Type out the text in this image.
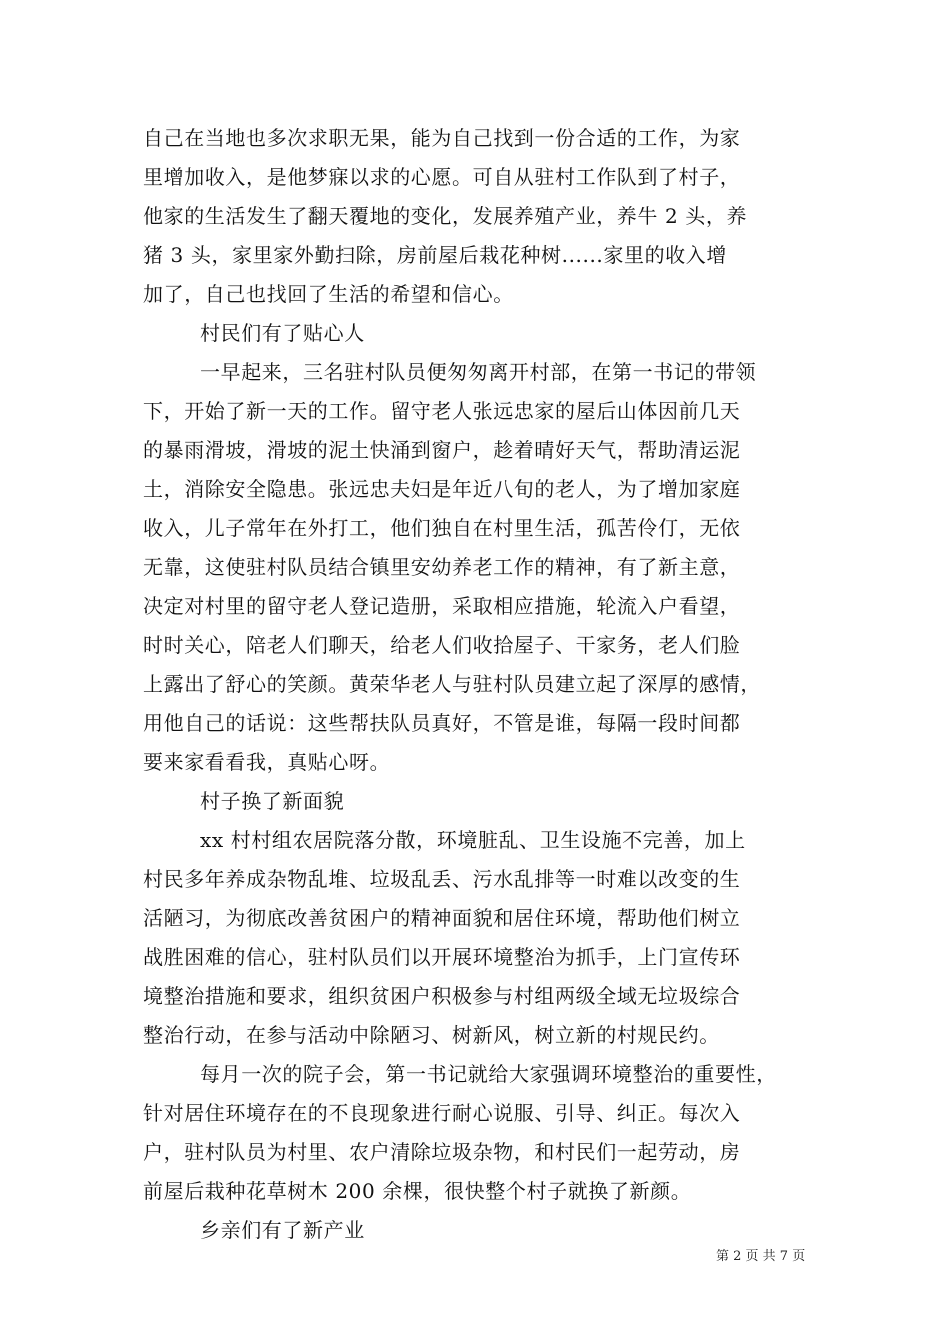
自己在当地也多次求职无果，能为自己找到一份合适的工作，为家
里增加收入，是他梦寐以求的心愿。可自从驻村工作队到了村子，
他家的生活发生了翻天覆地的变化，发展养殖产业，养牛 2 头，养
猪 3 头，家里家外勤扫除，房前屋后栽花种树......家里的收入增
加了，自己也找回了生活的希望和信心。
村民们有了贴心人
一早起来，三名驻村队员便匆匆离开村部，在第一书记的带领
下，开始了新一天的工作。留守老人张远忠家的屋后山体因前几天
的暴雨滑坡，滑坡的泥土快涌到窗户，趁着晴好天气，帮助清运泥
土，消除安全隐患。张远忠夫妇是年近八旬的老人，为了增加家庭
收入，儿子常年在外打工，他们独自在村里生活，孤苦伶仃，无依
无靠，这使驻村队员结合镇里安幼养老工作的精神，有了新主意，
决定对村里的留守老人登记造册，采取相应措施，轮流入户看望，
时时关心，陪老人们聊天，给老人们收拾屋子、干家务，老人们脸
上露出了舒心的笑颜。黄荣华老人与驻村队员建立起了深厚的感情，
用他自己的话说：这些帮扶队员真好，不管是谁，每隔一段时间都
要来家看看我，真贴心呀。
村子换了新面貌
xx 村村组农居院落分散，环境脏乱、卫生设施不完善，加上
村民多年养成杂物乱堆、垃圾乱丢、污水乱排等一时难以改变的生
活陋习，为彻底改善贫困户的精神面貌和居住环境，帮助他们树立
战胜困难的信心，驻村队员们以开展环境整治为抓手，上门宣传环
境整治措施和要求，组织贫困户积极参与村组两级全域无垃圾综合
整治行动，在参与活动中除陋习、树新风，树立新的村规民约。
每月一次的院子会，第一书记就给大家强调环境整治的重要性，
针对居住环境存在的不良现象进行耐心说服、引导、纠正。每次入
户，驻村队员为村里、农户清除垃圾杂物，和村民们一起劳动，房
前屋后栽种花草树木 200 余棵，很快整个村子就换了新颜。
乡亲们有了新产业
第 2 页 共 7 页
